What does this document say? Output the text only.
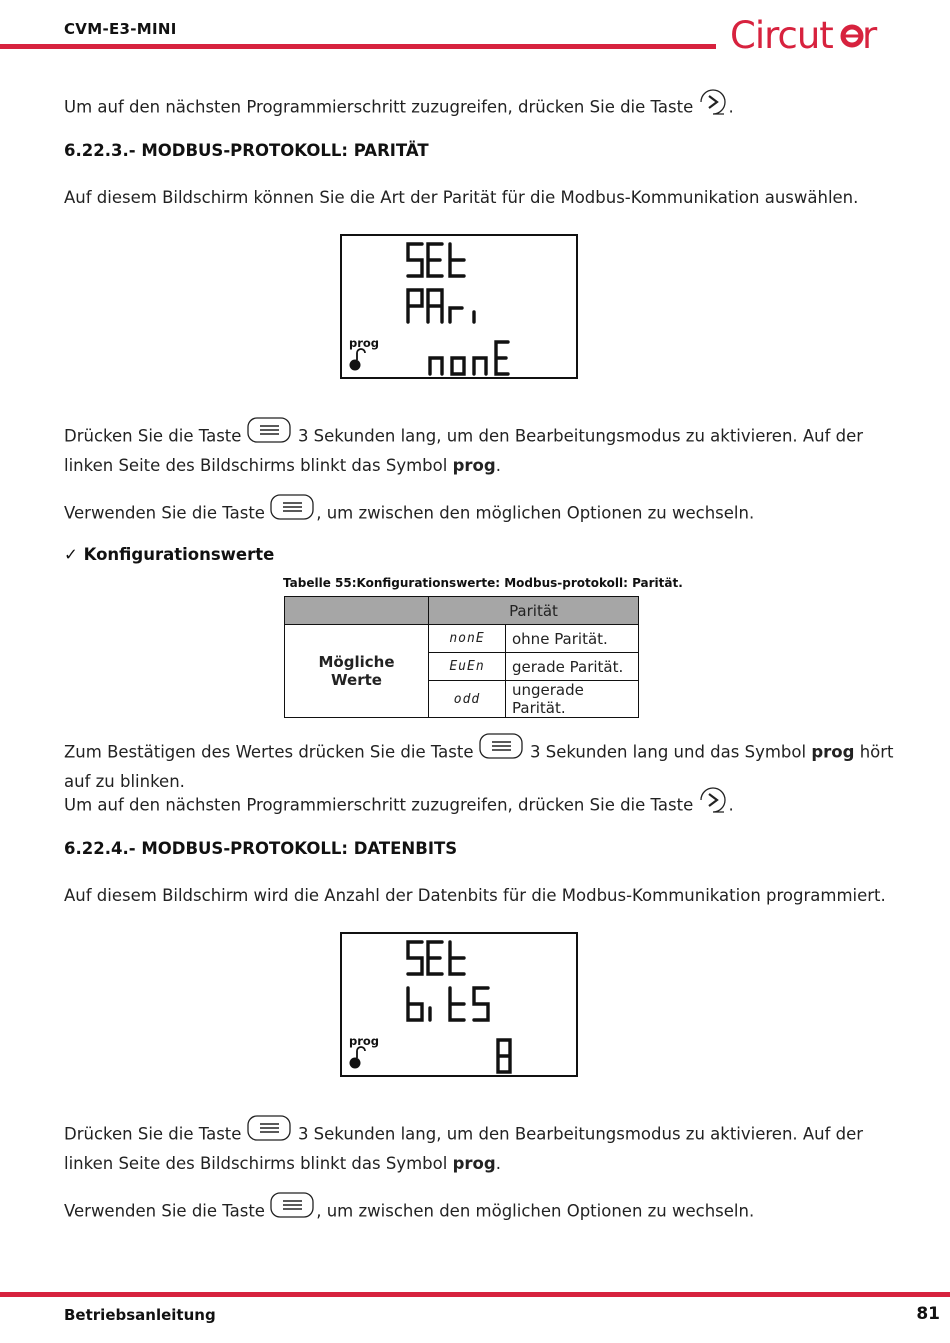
CVM-E3-MINI	Circut r
Um auf den nächsten Programmierschritt zuzugreifen, drücken Sie die Taste .
6.22.3.- MODBUS-PROTOKOLL: PARITÄT
Auf diesem Bildschirm können Sie die Art der Parität für die Modbus-Kommunikation auswählen.
prog
Drücken Sie die Taste	3 Sekunden lang, um den Bearbeitungsmodus zu aktivieren. Auf der linken Seite des Bildschirms blinkt das Symbol prog.
Verwenden Sie die Taste	, um zwischen den möglichen Optionen zu wechseln.
✓ Konfigurationswerte
Tabelle 55:Konfigurationswerte: Modbus-protokoll: Parität.
	Parität	
Mögliche Werte	nonE	ohne Parität.
	EuEn	gerade Parität.
	odd	ungerade Parität.
Zum Bestätigen des Wertes drücken Sie die Taste	3 Sekunden lang und das Symbol prog hört auf zu blinken.
Um auf den nächsten Programmierschritt zuzugreifen, drücken Sie die Taste .
6.22.4.- MODBUS-PROTOKOLL: DATENBITS
Auf diesem Bildschirm wird die Anzahl der Datenbits für die Modbus-Kommunikation programmiert.
prog
Drücken Sie die Taste	3 Sekunden lang, um den Bearbeitungsmodus zu aktivieren. Auf der linken Seite des Bildschirms blinkt das Symbol prog.
Verwenden Sie die Taste	, um zwischen den möglichen Optionen zu wechseln.
Betriebsanleitung	81
